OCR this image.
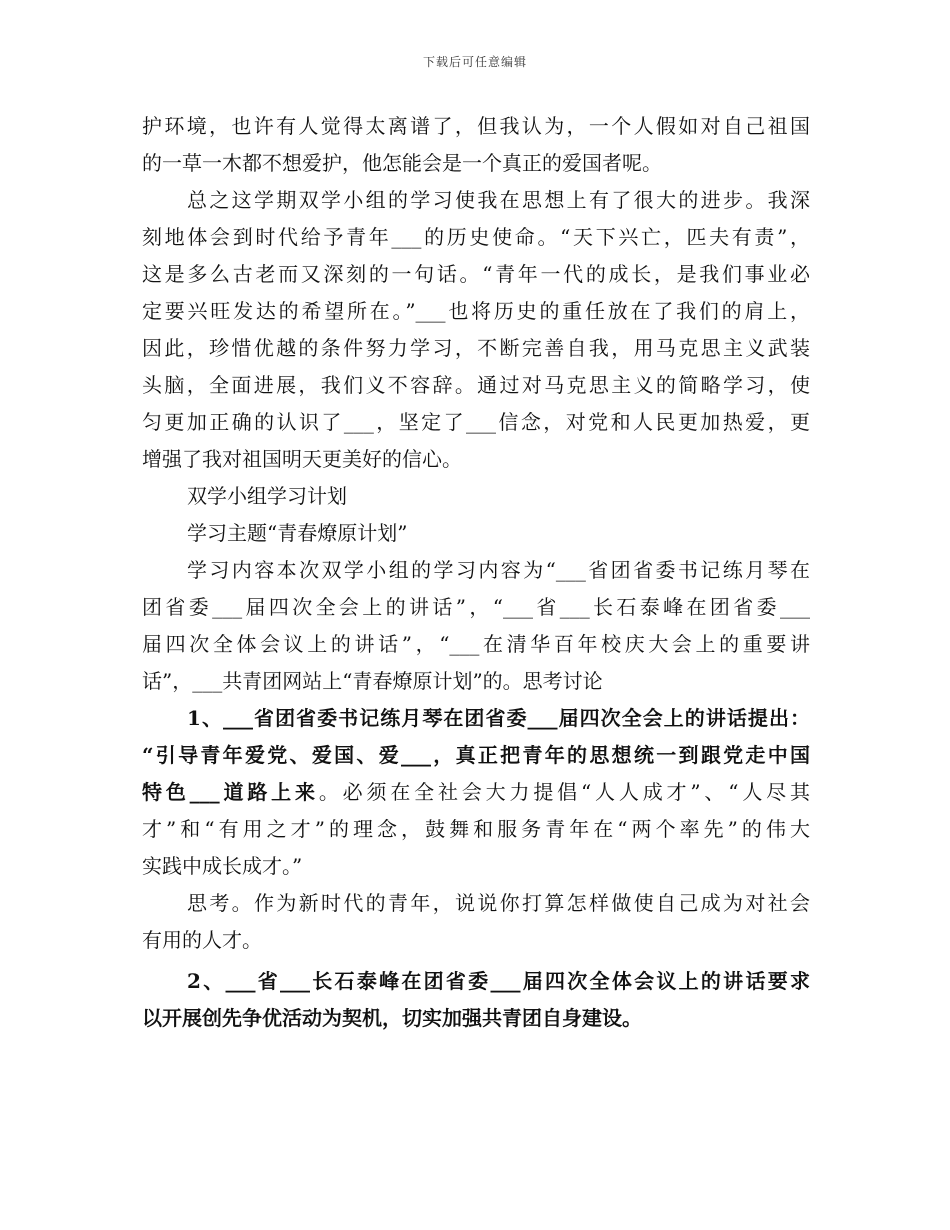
下载后可任意编辑
护环境，也许有人觉得太离谱了，但我认为，一个人假如对自己祖国
的一草一木都不想爱护，他怎能会是一个真正的爱国者呢。
总之这学期双学小组的学习使我在思想上有了很大的进步。我深
刻地体会到时代给予青年___的历史使命。“天下兴亡，匹夫有责”，
这是多么古老而又深刻的一句话。“青年一代的成长，是我们事业必
定要兴旺发达的希望所在。”___也将历史的重任放在了我们的肩上，
因此，珍惜优越的条件努力学习，不断完善自我，用马克思主义武装
头脑，全面进展，我们义不容辞。通过对马克思主义的简略学习，使
匀更加正确的认识了___，坚定了___信念，对党和人民更加热爱，更
增强了我对祖国明天更美好的信心。
双学小组学习计划
学习主题“青春燎原计划”
学习内容本次双学小组的学习内容为“___省团省委书记练月琴在
团省委___届四次全会上的讲话”，“___省___长石泰峰在团省委___
届四次全体会议上的讲话”，“___在清华百年校庆大会上的重要讲
话”，___共青团网站上“青春燎原计划”的。思考讨论
1、___省团省委书记练月琴在团省委___届四次全会上的讲话提出：
“引导青年爱党、爱国、爱___，真正把青年的思想统一到跟党走中国
特色___道路上来。必须在全社会大力提倡“人人成才”、“人尽其
才”和“有用之才”的理念，鼓舞和服务青年在“两个率先”的伟大
实践中成长成才。”
思考。作为新时代的青年，说说你打算怎样做使自己成为对社会
有用的人才。
2、___省___长石泰峰在团省委___届四次全体会议上的讲话要求
以开展创先争优活动为契机，切实加强共青团自身建设。
